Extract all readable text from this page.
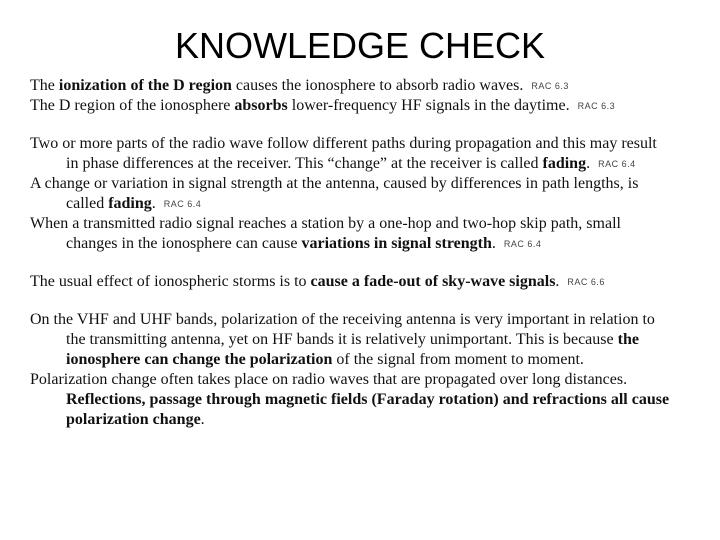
KNOWLEDGE CHECK

The ionization of the D region causes the ionosphere to absorb radio waves. RAC 6.3

The D region of the ionosphere absorbs lower-frequency HF signals in the daytime. RAC 6.3

Two or more parts of the radio wave follow different paths during propagation and this may result in phase differences at the receiver. This “change” at the receiver is called fading. RAC 6.4

A change or variation in signal strength at the antenna, caused by differences in path lengths, is called fading. RAC 6.4

When a transmitted radio signal reaches a station by a one-hop and two-hop skip path, small changes in the ionosphere can cause variations in signal strength. RAC 6.4

The usual effect of ionospheric storms is to cause a fade-out of sky-wave signals. RAC 6.6

On the VHF and UHF bands, polarization of the receiving antenna is very important in relation to the transmitting antenna, yet on HF bands it is relatively unimportant. This is because the ionosphere can change the polarization of the signal from moment to moment.

Polarization change often takes place on radio waves that are propagated over long distances. Reflections, passage through magnetic fields (Faraday rotation) and refractions all cause polarization change.
